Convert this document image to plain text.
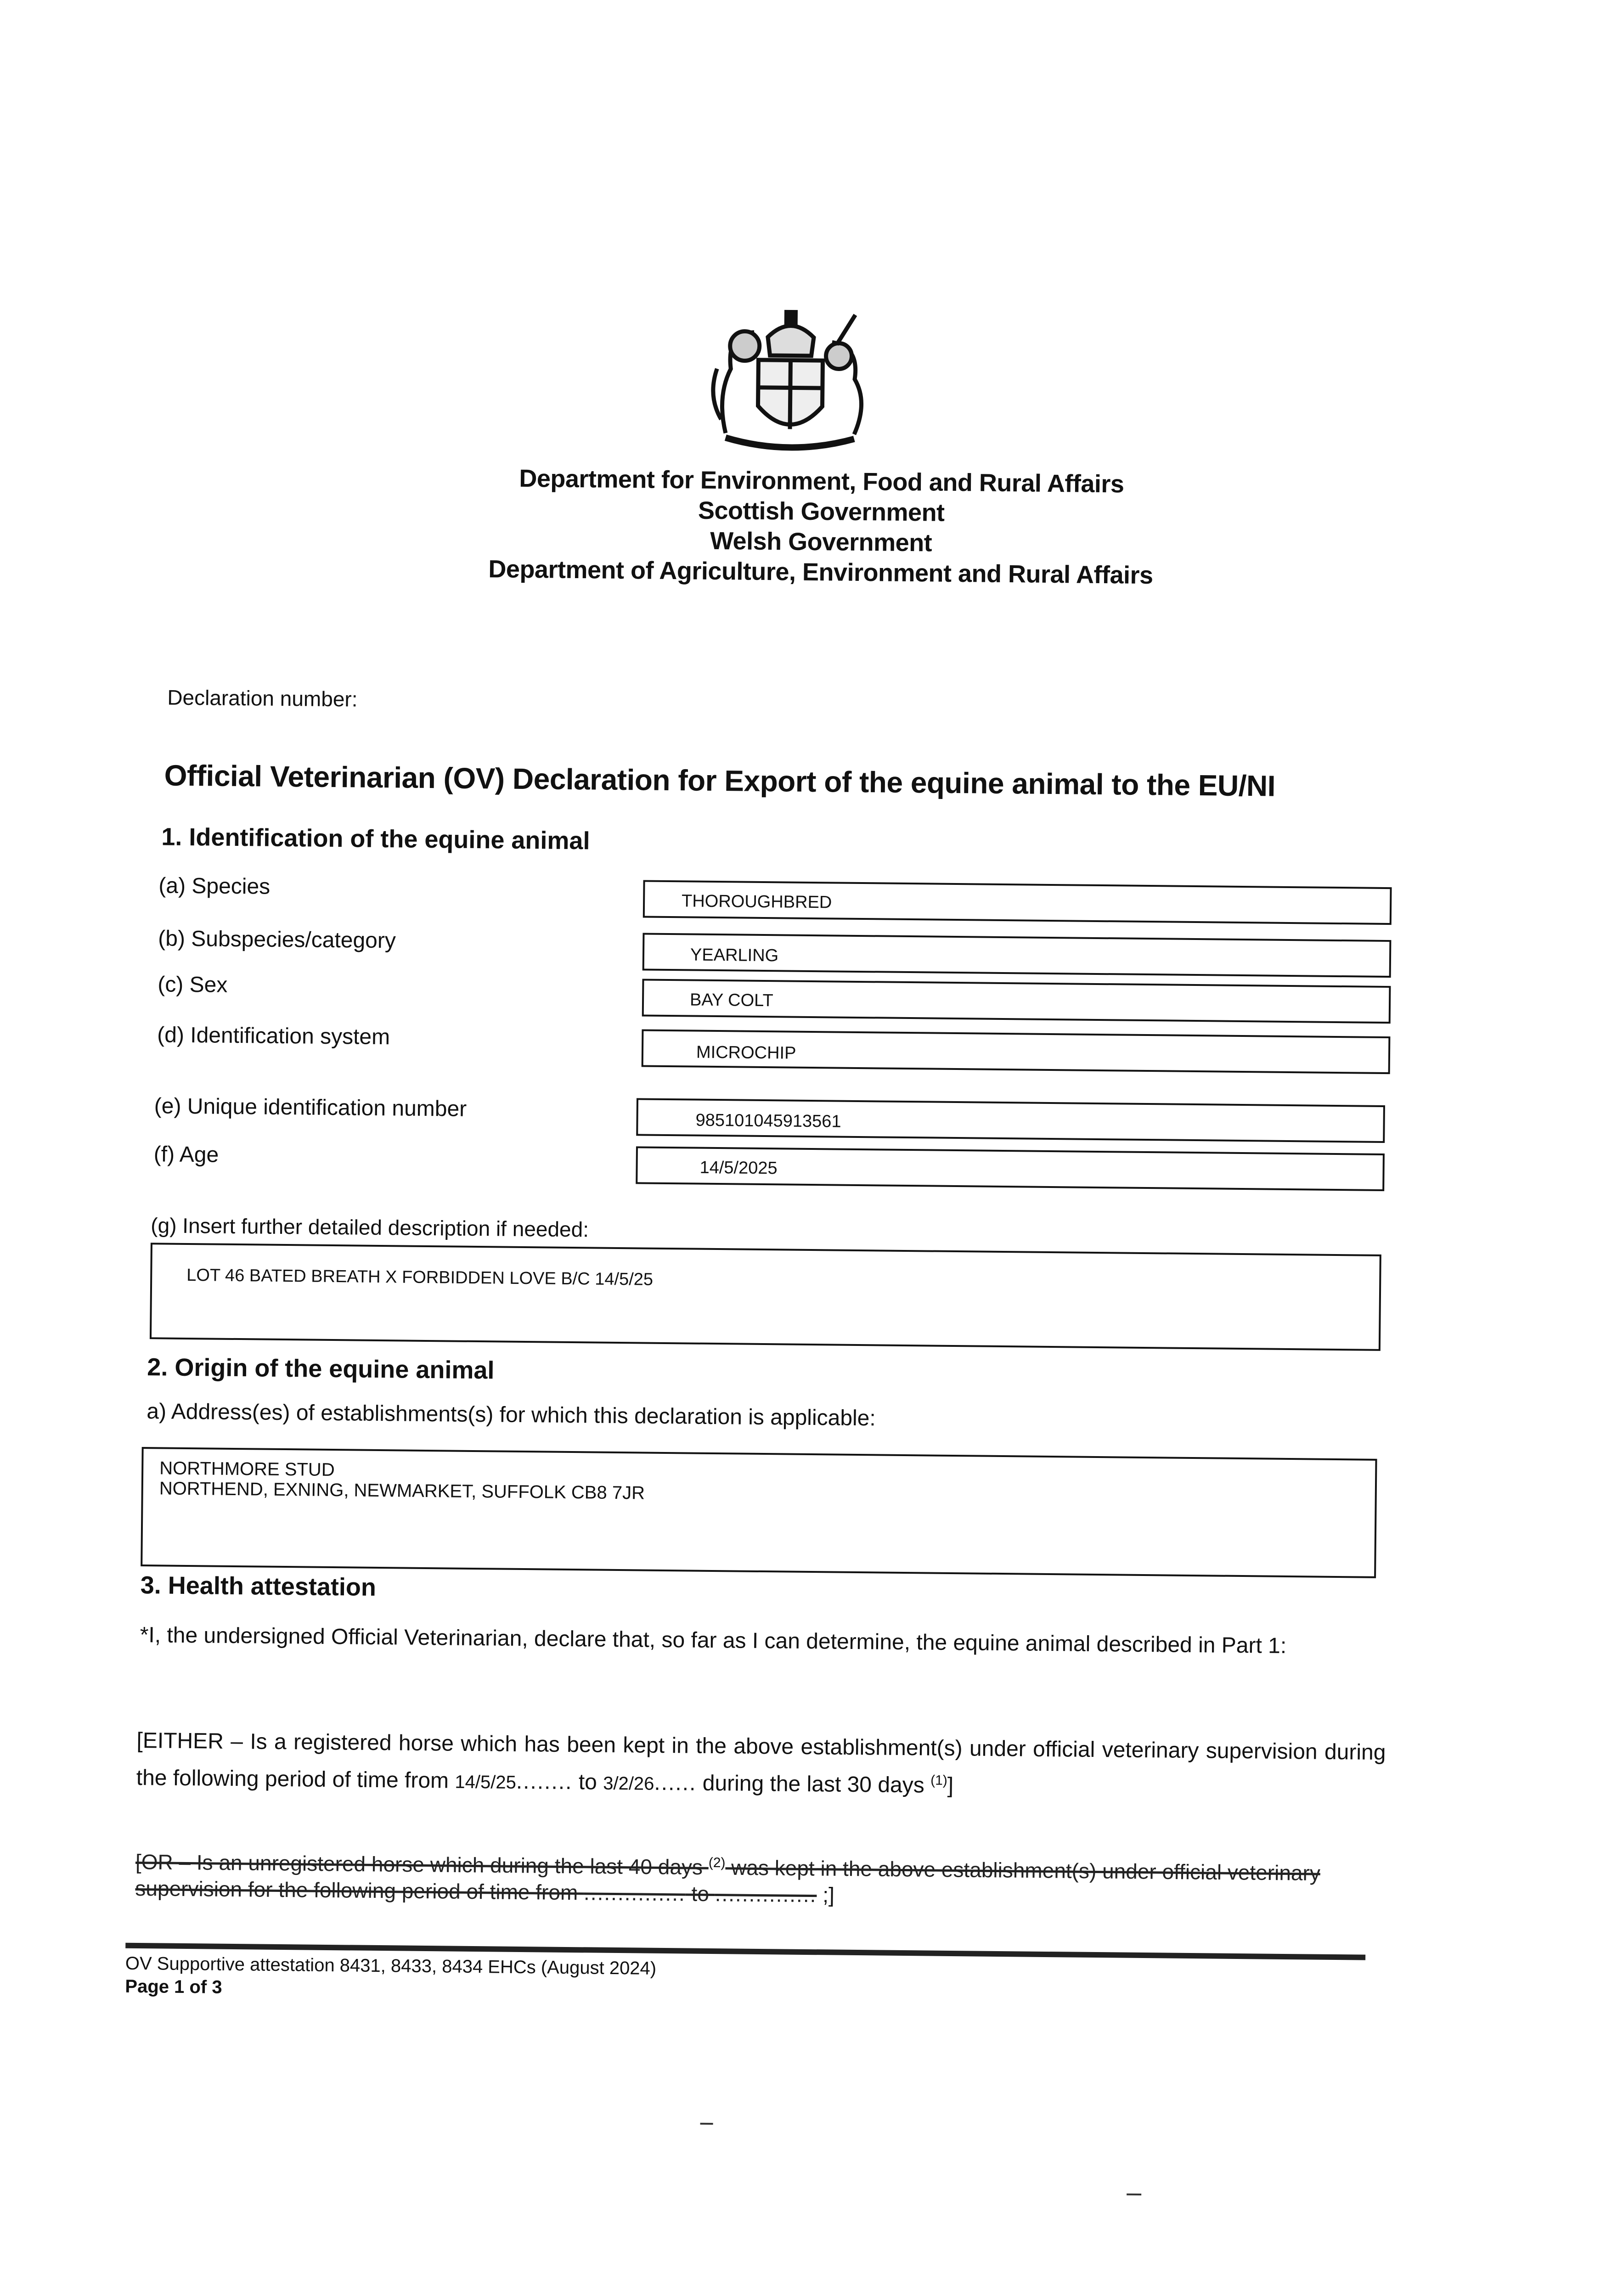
Department for Environment, Food and Rural Affairs
Scottish Government
Welsh Government
Department of Agriculture, Environment and Rural Affairs
Declaration number:
Official Veterinarian (OV) Declaration for Export of the equine animal to the EU/NI
1. Identification of the equine animal
(a) Species
THOROUGHBRED
(b) Subspecies/category
YEARLING
(c) Sex
BAY COLT
(d) Identification system
MICROCHIP
(e) Unique identification number	985101045913561
(f) Age
14/5/2025
(g) Insert further detailed description if needed:
LOT 46 BATED BREATH X FORBIDDEN LOVE B/C 14/5/25
2. Origin of the equine animal
a) Address(es) of establishments(s) for which this declaration is applicable:
NORTHMORE STUD
NORTHEND, EXNING, NEWMARKET, SUFFOLK CB8 7JR
3. Health attestation
*I, the undersigned Official Veterinarian, declare that, so far as I can determine, the equine animal described in Part 1:
[EITHER – Is a registered horse which has been kept in the above establishment(s) under official veterinary supervision during the following period of time from 14/5/25........ to 3/2/26...... during the last 30 days $^{(1)}$]
[OR – Is an unregistered horse which during the last 40 days $^{(2)}$ was kept in the above establishment(s) under official veterinary supervision for the following period of time from ............... to ............... ;]
OV Supportive attestation 8431, 8433, 8434 EHCs (August 2024)
Page 1 of 3
